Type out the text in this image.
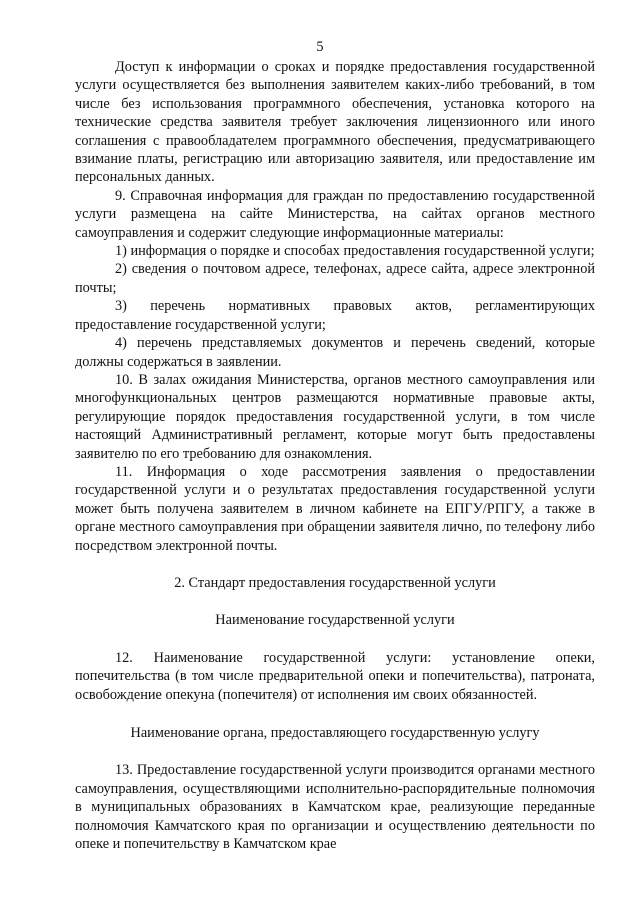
5

Доступ к информации о сроках и порядке предоставления государственной услуги осуществляется без выполнения заявителем каких-либо требований, в том числе без использования программного обеспечения, установка которого на технические средства заявителя требует заключения лицензионного или иного соглашения с правообладателем программного обеспечения, предусматривающего взимание платы, регистрацию или авторизацию заявителя, или предоставление им персональных данных.

9. Справочная информация для граждан по предоставлению государственной услуги размещена на сайте Министерства, на сайтах органов местного самоуправления и содержит следующие информационные материалы:

1) информация о порядке и способах предоставления государственной услуги;

2) сведения о почтовом адресе, телефонах, адресе сайта, адресе электронной почты;

3) перечень нормативных правовых актов, регламентирующих предоставление государственной услуги;

4) перечень представляемых документов и перечень сведений, которые должны содержаться в заявлении.

10. В залах ожидания Министерства, органов местного самоуправления или многофункциональных центров размещаются нормативные правовые акты, регулирующие порядок предоставления государственной услуги, в том числе настоящий Административный регламент, которые могут быть предоставлены заявителю по его требованию для ознакомления.

11. Информация о ходе рассмотрения заявления о предоставлении государственной услуги и о результатах предоставления государственной услуги может быть получена заявителем в личном кабинете на ЕПГУ/РПГУ, а также в органе местного самоуправления при обращении заявителя лично, по телефону либо посредством электронной почты.

2. Стандарт предоставления государственной услуги

Наименование государственной услуги

12. Наименование государственной услуги: установление опеки, попечительства (в том числе предварительной опеки и попечительства), патроната, освобождение опекуна (попечителя) от исполнения им своих обязанностей.

Наименование органа, предоставляющего государственную услугу

13. Предоставление государственной услуги производится органами местного самоуправления, осуществляющими исполнительно-распорядительные полномочия в муниципальных образованиях в Камчатском крае, реализующие переданные полномочия Камчатского края по организации и осуществлению деятельности по опеке и попечительству в Камчатском крае
